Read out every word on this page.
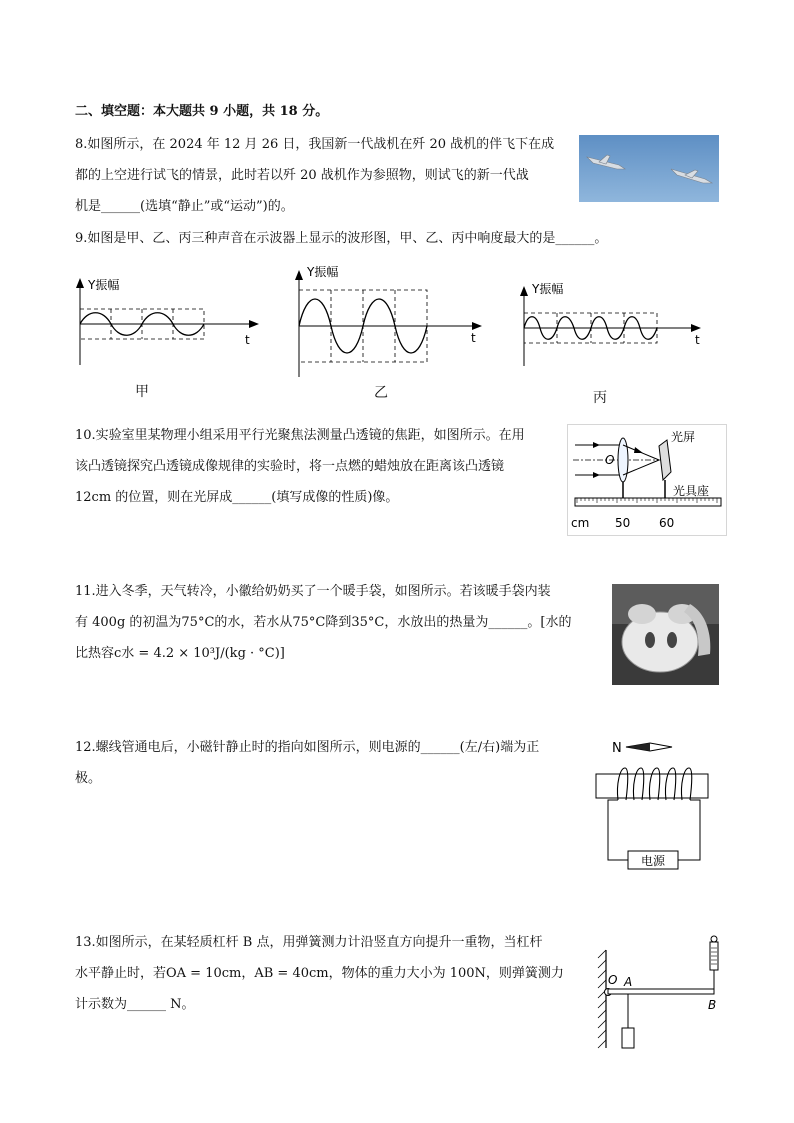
二、填空题：本大题共 9 小题，共 18 分。
8.如图所示，在 2024 年 12 月 26 日，我国新一代战机在歼 20 战机的伴飞下在成
都的上空进行试飞的情景，此时若以歼 20 战机作为参照物，则试飞的新一代战
机是______(选填“静止”或“运动”)的。
9.如图是甲、乙、丙三种声音在示波器上显示的波形图，甲、乙、丙中响度最大的是______。
Y振幅
t
甲
Y振幅
t
乙
Y振幅
t
丙
10.实验室里某物理小组采用平行光聚焦法测量凸透镜的焦距，如图所示。在用
该凸透镜探究凸透镜成像规律的实验时，将一点燃的蜡烛放在距离该凸透镜
12cm 的位置，则在光屏成______(填写成像的性质)像。
O
光屏
光具座
cm 50 60
11.进入冬季，天气转冷，小徽给奶奶买了一个暖手袋，如图所示。若该暖手袋内装
有 400g 的初温为75°C的水，若水从75°C降到35°C，水放出的热量为______。[水的
比热容c水 = 4.2 × 10³J/(kg · °C)]
12.螺线管通电后，小磁针静止时的指向如图所示，则电源的______(左/右)端为正
极。
N
电源
13.如图所示，在某轻质杠杆 B 点，用弹簧测力计沿竖直方向提升一重物，当杠杆
水平静止时，若OA = 10cm，AB = 40cm，物体的重力大小为 100N，则弹簧测力
计示数为______ N。
O A
B
